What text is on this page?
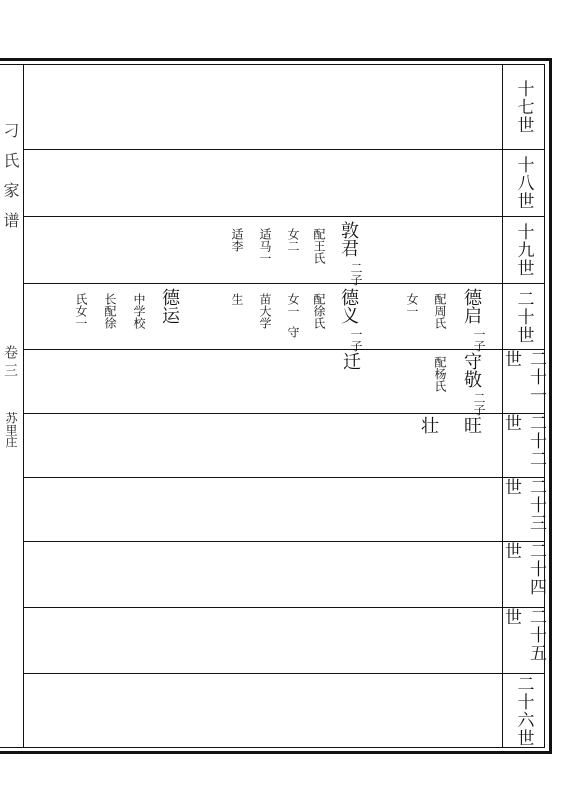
十七世
十八世
十九世
二十世
二十一世
二十二世
二十三世
二十四世
二十五世
二十六世
刁氏家谱
卷三
苏里庄
敦君
二子
配王氏
女二
适马一
适李
德义
一子
配徐氏
女一
守
苗大学
生
迁
德启
一子
配周氏
女一
守敬
二子
配杨氏
旺
壮
德运
中学校
长配徐
氏女一
